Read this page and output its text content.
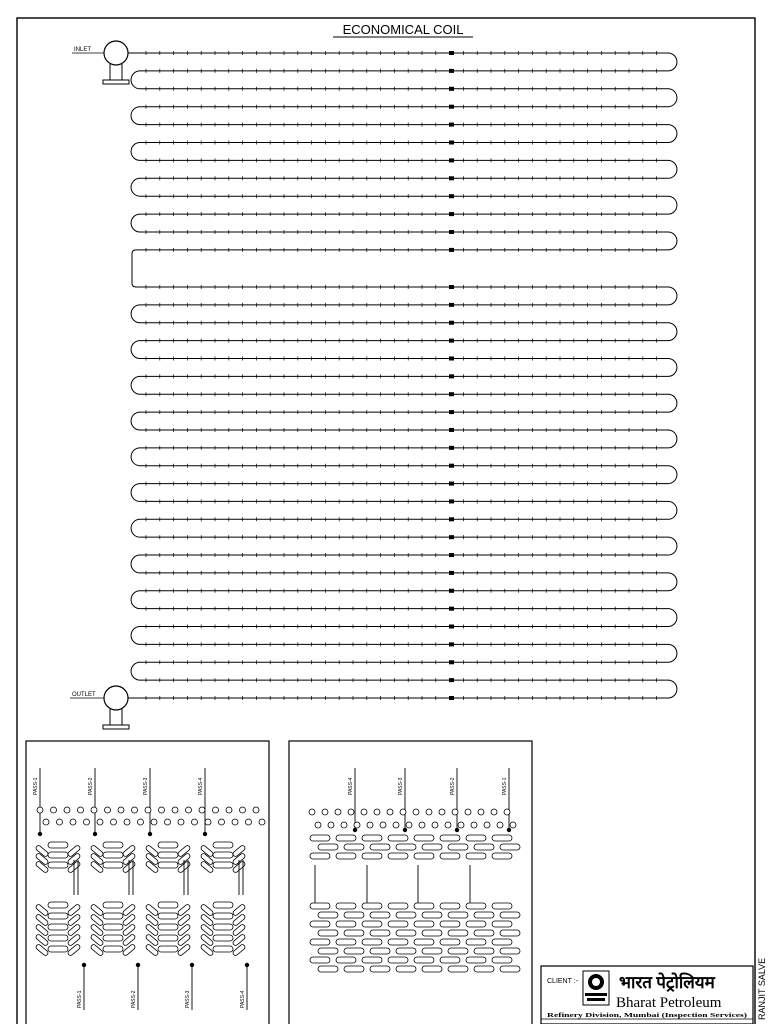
ECONOMICAL COIL
INLET
OUTLET
PASS-1	PASS-2	PASS-3	PASS-4
PASS-1	PASS-2	PASS-3	PASS-4
PASS-4	PASS-3	PASS-2	PASS-1
CLIENT :- भारत पेट्रोलियम
Bharat Petroleum
Refinery Division, Mumbai (Inspection Services) RANJIT SALVE
